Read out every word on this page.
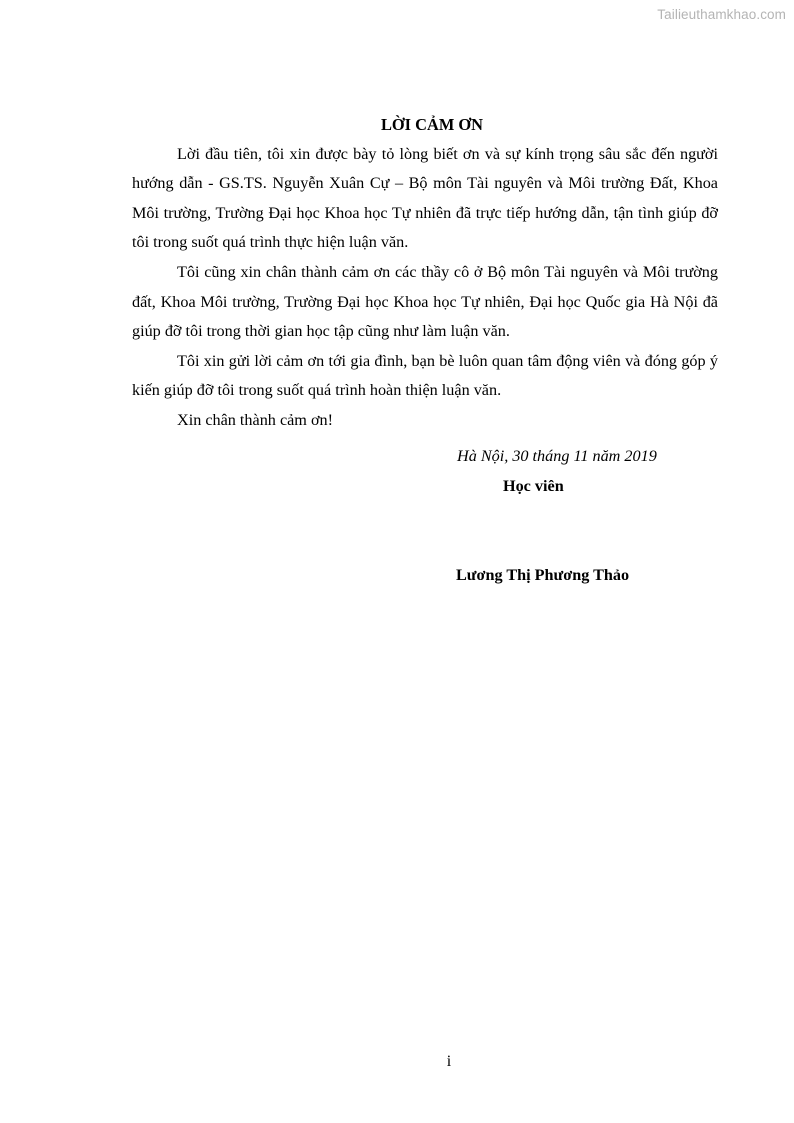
Tailieuthamkhao.com
LỜI CẢM ƠN

Lời đầu tiên, tôi xin được bày tỏ lòng biết ơn và sự kính trọng sâu sắc đến người hướng dẫn - GS.TS. Nguyễn Xuân Cự – Bộ môn Tài nguyên và Môi trường Đất, Khoa Môi trường, Trường Đại học Khoa học Tự nhiên đã trực tiếp hướng dẫn, tận tình giúp đỡ tôi trong suốt quá trình thực hiện luận văn.

Tôi cũng xin chân thành cảm ơn các thầy cô ở Bộ môn Tài nguyên và Môi trường đất, Khoa Môi trường, Trường Đại học Khoa học Tự nhiên, Đại học Quốc gia Hà Nội đã giúp đỡ tôi trong thời gian học tập cũng như làm luận văn.

Tôi xin gửi lời cảm ơn tới gia đình, bạn bè luôn quan tâm động viên và đóng góp ý kiến giúp đỡ tôi trong suốt quá trình hoàn thiện luận văn.

Xin chân thành cảm ơn!

Hà Nội, 30 tháng 11 năm 2019
Học viên
Lương Thị Phương Thảo
i
